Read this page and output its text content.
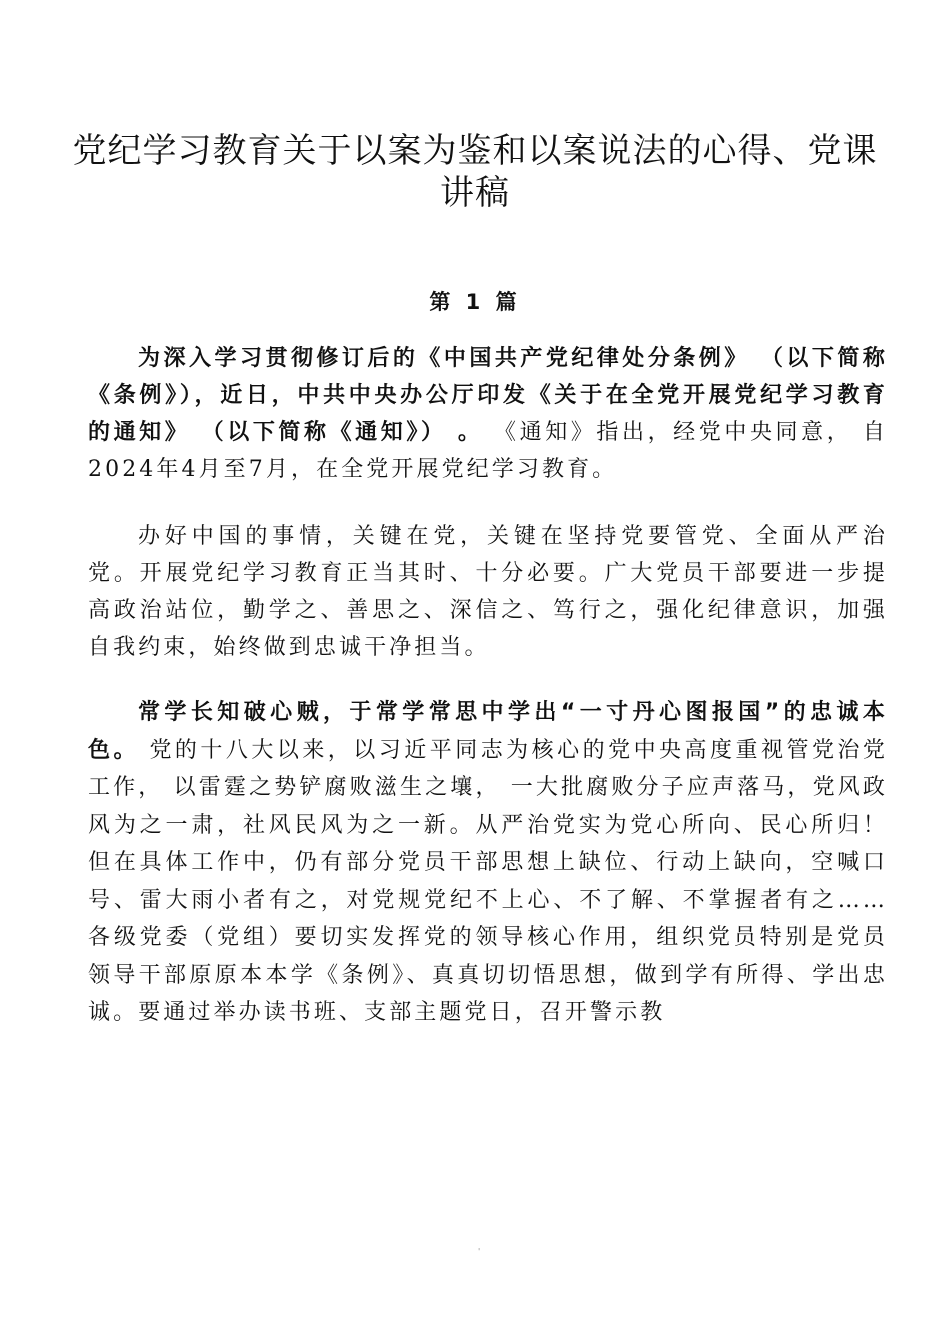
党纪学习教育关于以案为鉴和以案说法的心得、党课讲稿
第 1 篇

为深入学习贯彻修订后的《中国共产党纪律处分条例》 （以下简称《条例》），近日，中共中央办公厅印发《关于在全党开展党纪学习教育的通知》 （以下简称《通知》） 。 《通知》指出，经党中央同意， 自2024年4月至7月，在全党开展党纪学习教育。

办好中国的事情，关键在党，关键在坚持党要管党、全面从严治党。开展党纪学习教育正当其时、十分必要。广大党员干部要进一步提高政治站位，勤学之、善思之、深信之、笃行之，强化纪律意识，加强自我约束，始终做到忠诚干净担当。

常学长知破心贼，于常学常思中学出“一寸丹心图报国”的忠诚本色。 党的十八大以来，以习近平同志为核心的党中央高度重视管党治党工作， 以雷霆之势铲腐败滋生之壤， 一大批腐败分子应声落马，党风政风为之一肃，社风民风为之一新。从严治党实为党心所向、民心所归！但在具体工作中，仍有部分党员干部思想上缺位、行动上缺向，空喊口号、雷大雨小者有之，对党规党纪不上心、不了解、不掌握者有之……各级党委（党组）要切实发挥党的领导核心作用，组织党员特别是党员领导干部原原本本学《条例》、真真切切悟思想，做到学有所得、学出忠诚。要通过举办读书班、支部主题党日，召开警示教

'
